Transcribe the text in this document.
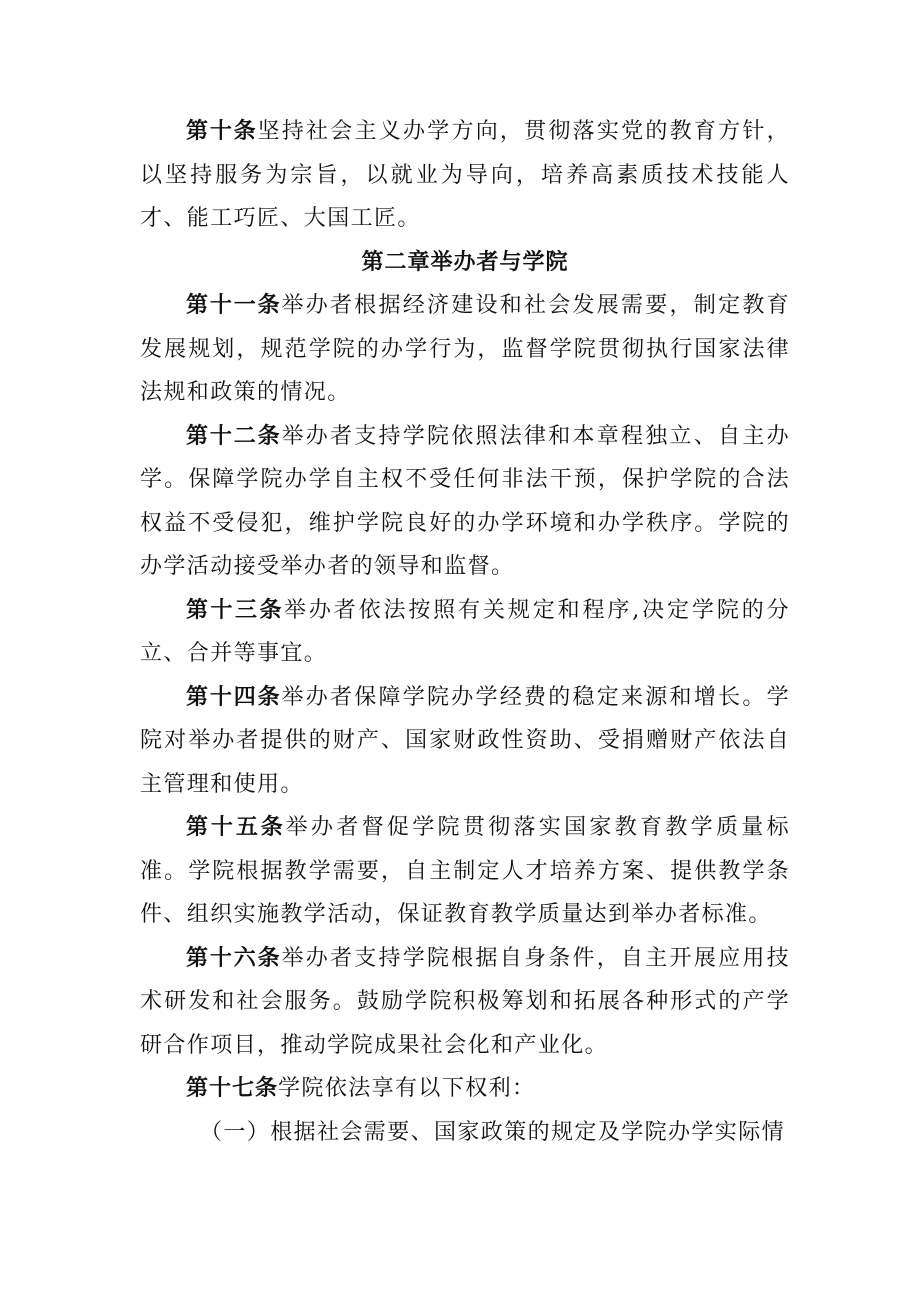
第十条坚持社会主义办学方向，贯彻落实党的教育方针，以坚持服务为宗旨，以就业为导向，培养高素质技术技能人才、能工巧匠、大国工匠。

第二章举办者与学院

第十一条举办者根据经济建设和社会发展需要，制定教育发展规划，规范学院的办学行为，监督学院贯彻执行国家法律法规和政策的情况。

第十二条举办者支持学院依照法律和本章程独立、自主办学。保障学院办学自主权不受任何非法干预，保护学院的合法权益不受侵犯，维护学院良好的办学环境和办学秩序。学院的办学活动接受举办者的领导和监督。

第十三条举办者依法按照有关规定和程序,决定学院的分立、合并等事宜。

第十四条举办者保障学院办学经费的稳定来源和增长。学院对举办者提供的财产、国家财政性资助、受捐赠财产依法自主管理和使用。

第十五条举办者督促学院贯彻落实国家教育教学质量标准。学院根据教学需要，自主制定人才培养方案、提供教学条件、组织实施教学活动，保证教育教学质量达到举办者标准。

第十六条举办者支持学院根据自身条件，自主开展应用技术研发和社会服务。鼓励学院积极筹划和拓展各种形式的产学研合作项目，推动学院成果社会化和产业化。

第十七条学院依法享有以下权利：

（一）根据社会需要、国家政策的规定及学院办学实际情
